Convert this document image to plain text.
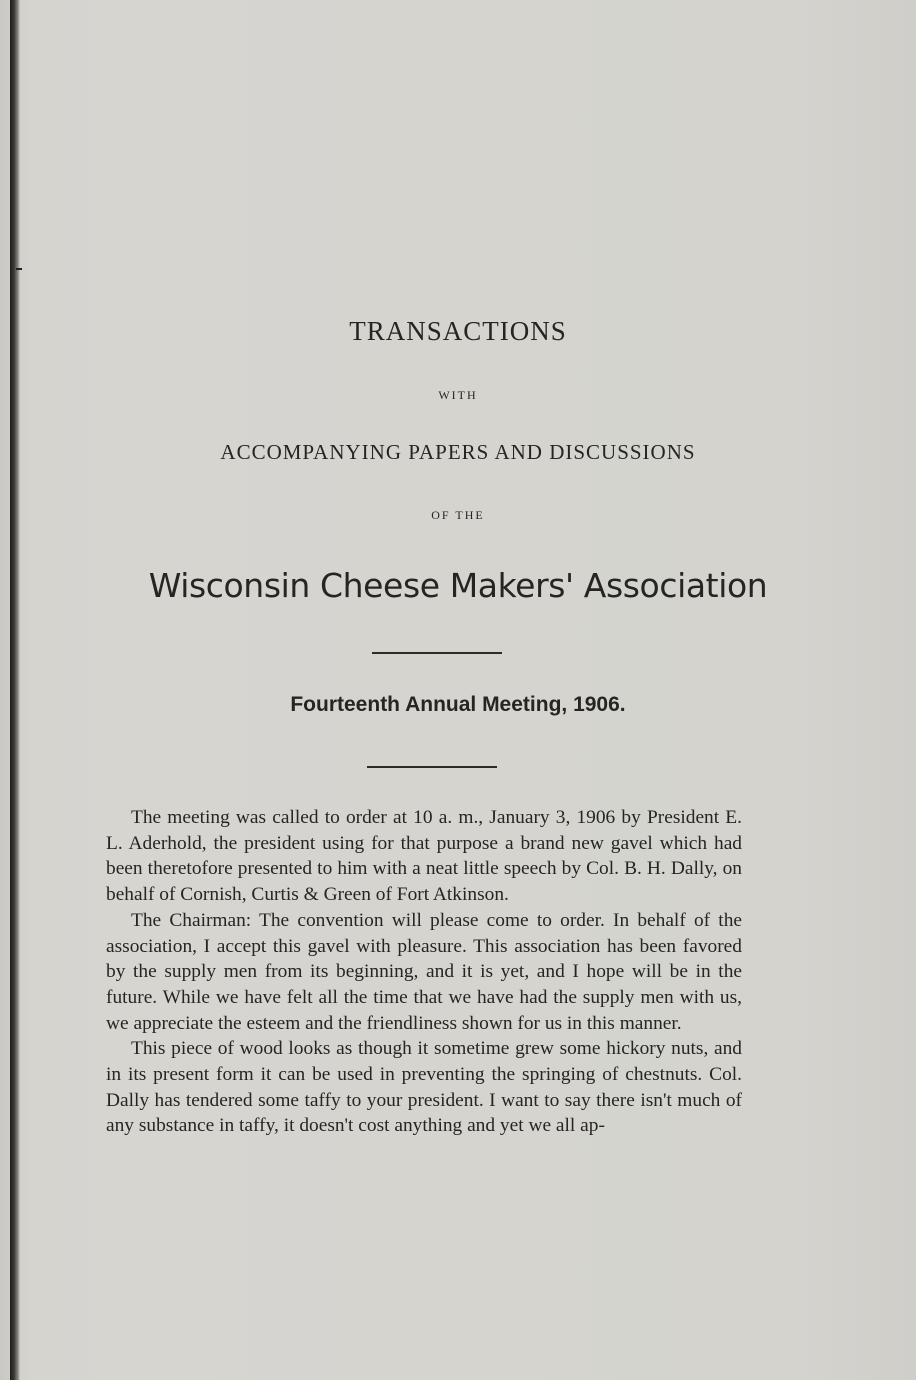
TRANSACTIONS
WITH
ACCOMPANYING PAPERS AND DISCUSSIONS
OF THE
Wisconsin Cheese Makers' Association
Fourteenth Annual Meeting, 1906.

The meeting was called to order at 10 a. m., January 3, 1906 by President E. L. Aderhold, the president using for that purpose a brand new gavel which had been theretofore presented to him with a neat little speech by Col. B. H. Dally, on behalf of Cornish, Curtis & Green of Fort Atkinson.

The Chairman: The convention will please come to order. In behalf of the association, I accept this gavel with pleasure. This association has been favored by the supply men from its beginning, and it is yet, and I hope will be in the future. While we have felt all the time that we have had the supply men with us, we appreciate the esteem and the friendliness shown for us in this manner.

This piece of wood looks as though it sometime grew some hickory nuts, and in its present form it can be used in preventing the springing of chestnuts. Col. Dally has tendered some taffy to your president. I want to say there isn't much of any substance in taffy, it doesn't cost anything and yet we all ap-
